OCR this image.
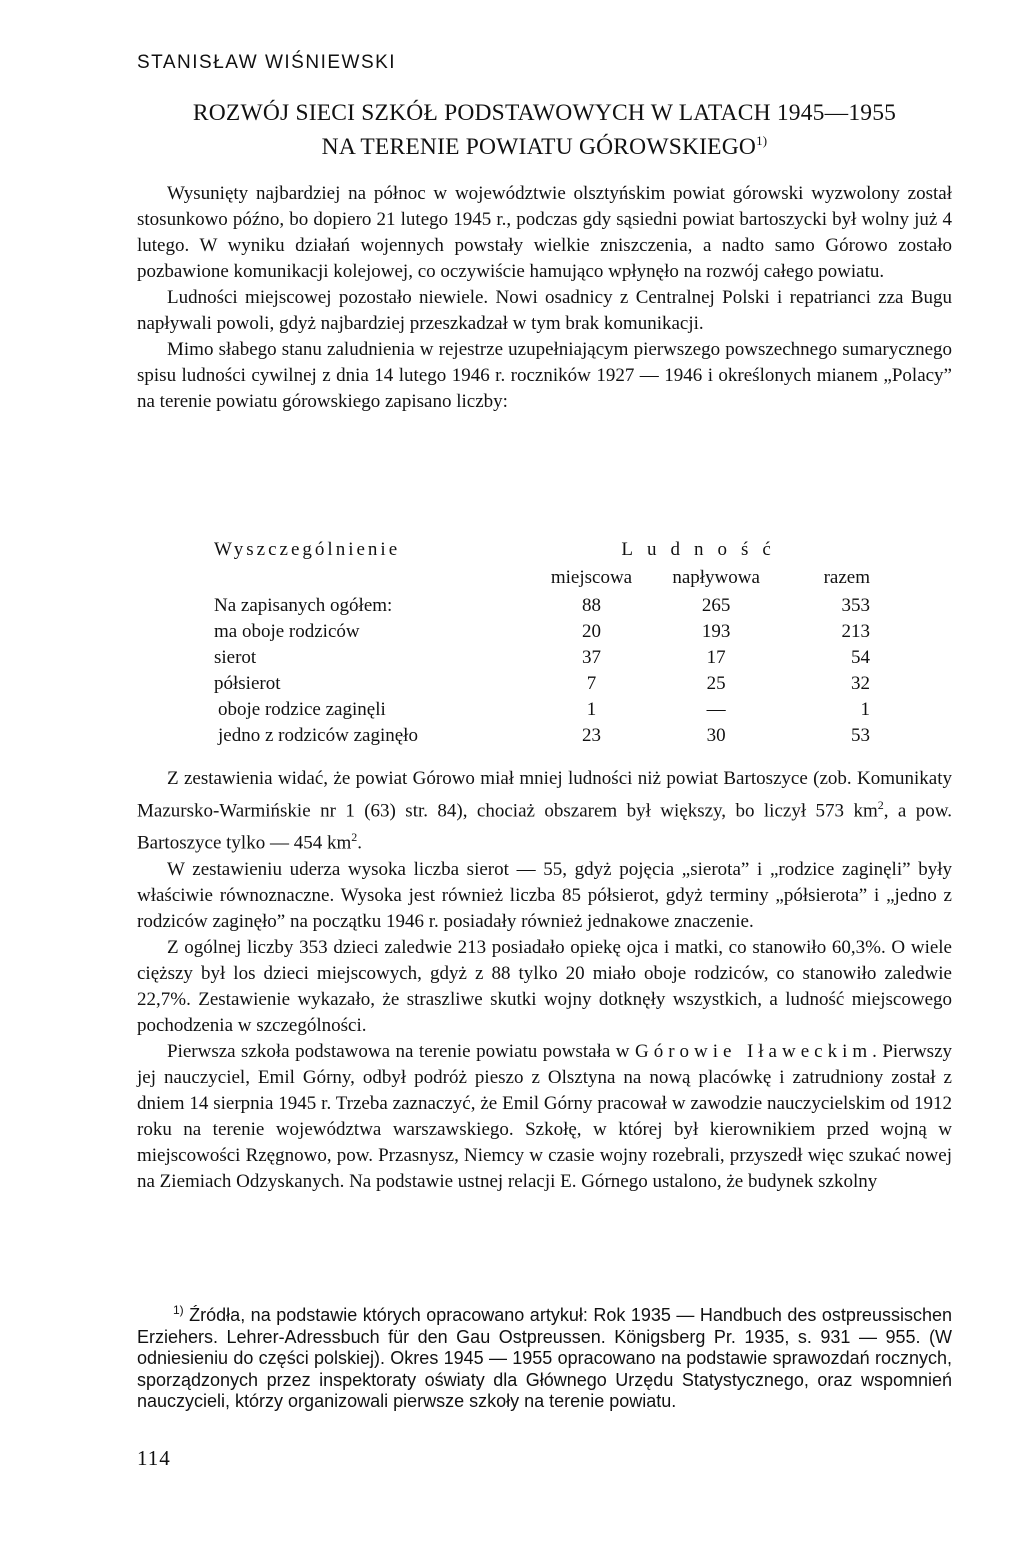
STANISŁAW WIŚNIEWSKI
ROZWÓJ SIECI SZKÓŁ PODSTAWOWYCH W LATACH 1945—1955
NA TERENIE POWIATU GÓROWSKIEGO$^{1)}$

Wysunięty najbardziej na północ w województwie olsztyńskim powiat górowski wyzwolony został stosunkowo późno, bo dopiero 21 lutego 1945 r., podczas gdy sąsiedni powiat bartoszycki był wolny już 4 lutego. W wyniku działań wojennych powstały wielkie zniszczenia, a nadto samo Górowo zostało pozbawione komunikacji kolejowej, co oczywiście hamująco wpłynęło na rozwój całego powiatu.

Ludności miejscowej pozostało niewiele. Nowi osadnicy z Centralnej Polski i repatrianci zza Bugu napływali powoli, gdyż najbardziej przeszkadzał w tym brak komunikacji.

Mimo słabego stanu zaludnienia w rejestrze uzupełniającym pierwszego powszechnego sumarycznego spisu ludności cywilnej z dnia 14 lutego 1946 r. roczników 1927 — 1946 i określonych mianem „Polacy” na terenie powiatu górowskiego zapisano liczby:

Wyszczególnienie	Ludność		
	miejscowa	napływowa	razem
Na zapisanych ogółem:	88	265	353
ma oboje rodziców	20	193	213
sierot	37	17	54
półsierot	7	25	32
oboje rodzice zaginęli	1	—	1
jedno z rodziców zaginęło	23	30	53

Z zestawienia widać, że powiat Górowo miał mniej ludności niż powiat Bartoszyce (zob. Komunikaty Mazursko-Warmińskie nr 1 (63) str. 84), chociaż obszarem był większy, bo liczył 573 $km^2$, a pow. Bartoszyce tylko — 454 $km^2$.

W zestawieniu uderza wysoka liczba sierot — 55, gdyż pojęcia „sierota” i „rodzice zaginęli” były właściwie równoznaczne. Wysoka jest również liczba 85 półsierot, gdyż terminy „półsierota” i „jedno z rodziców zaginęło” na początku 1946 r. posiadały również jednakowe znaczenie.

Z ogólnej liczby 353 dzieci zaledwie 213 posiadało opiekę ojca i matki, co stanowiło 60,3%. O wiele cięższy był los dzieci miejscowych, gdyż z 88 tylko 20 miało oboje rodziców, co stanowiło zaledwie 22,7%. Zestawienie wykazało, że straszliwe skutki wojny dotknęły wszystkich, a ludność miejscowego pochodzenia w szczególności.

Pierwsza szkoła podstawowa na terenie powiatu powstała w Górowie Iławeckim. Pierwszy jej nauczyciel, Emil Górny, odbył podróż pieszo z Olsztyna na nową placówkę i zatrudniony został z dniem 14 sierpnia 1945 r. Trzeba zaznaczyć, że Emil Górny pracował w zawodzie nauczycielskim od 1912 roku na terenie województwa warszawskiego. Szkołę, w której był kierownikiem przed wojną w miejscowości Rzęgnowo, pow. Przasnysz, Niemcy w czasie wojny rozebrali, przyszedł więc szukać nowej na Ziemiach Odzyskanych. Na podstawie ustnej relacji E. Górnego ustalono, że budynek szkolny

$^{1)}$ Źródła, na podstawie których opracowano artykuł: Rok 1935 — Handbuch des ostpreussischen Erziehers. Lehrer-Adressbuch für den Gau Ostpreussen. Königsberg Pr. 1935, s. 931 — 955. (W odniesieniu do części polskiej). Okres 1945 — 1955 opracowano na podstawie sprawozdań rocznych, sporządzonych przez inspektoraty oświaty dla Głównego Urzędu Statystycznego, oraz wspomnień nauczycieli, którzy organizowali pierwsze szkoły na terenie powiatu.

114
